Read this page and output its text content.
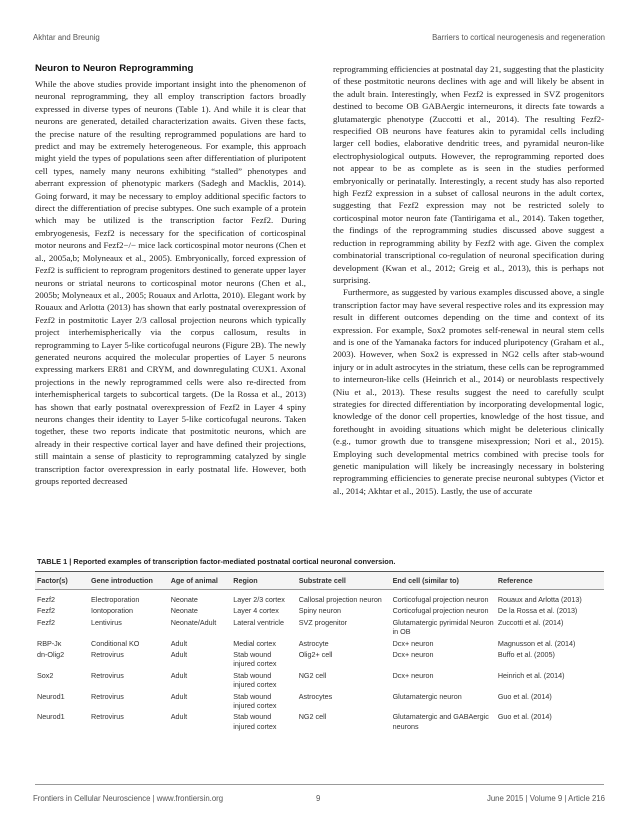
Akhtar and Breunig	Barriers to cortical neurogenesis and regeneration
Neuron to Neuron Reprogramming

While the above studies provide important insight into the phenomenon of neuronal reprogramming, they all employ transcription factors broadly expressed in diverse types of neurons (Table 1). And while it is clear that neurons are generated, detailed characterization awaits. Given these facts, the precise nature of the resulting reprogrammed populations are hard to predict and may be extremely heterogeneous. For example, this approach might yield the types of populations seen after differentiation of pluripotent cell types, namely many neurons exhibiting “stalled” phenotypes and aberrant expression of phenotypic markers (Sadegh and Macklis, 2014). Going forward, it may be necessary to employ additional specific factors to direct the differentiation of precise subtypes. One such example of a protein which may be utilized is the transcription factor Fezf2. During embryogenesis, Fezf2 is necessary for the specification of corticospinal motor neurons and Fezf2−/− mice lack corticospinal motor neurons (Chen et al., 2005a,b; Molyneaux et al., 2005). Embryonically, forced expression of Fezf2 is sufficient to reprogram progenitors destined to generate upper layer neurons or striatal neurons to corticospinal motor neurons (Chen et al., 2005b; Molyneaux et al., 2005; Rouaux and Arlotta, 2010). Elegant work by Rouaux and Arlotta (2013) has shown that early postnatal overexpression of Fezf2 in postmitotic Layer 2/3 callosal projection neurons which typically project interhemispherically via the corpus callosum, results in reprogramming to Layer 5-like corticofugal neurons (Figure 2B). The newly generated neurons acquired the molecular properties of Layer 5 neurons expressing markers ER81 and CRYM, and downregulating CUX1. Axonal projections in the newly reprogrammed cells were also re-directed from interhemispherical targets to subcortical targets. (De la Rossa et al., 2013) has shown that early postnatal overexpression of Fezf2 in Layer 4 spiny neurons changes their identity to Layer 5-like corticofugal neurons. Taken together, these two reports indicate that postmitotic neurons, which are already in their respective cortical layer and have defined their projections, still maintain a sense of plasticity to reprogramming catalyzed by single transcription factor overexpression in early postnatal life. However, both groups reported decreased

reprogramming efficiencies at postnatal day 21, suggesting that the plasticity of these postmitotic neurons declines with age and will likely be absent in the adult brain. Interestingly, when Fezf2 is expressed in SVZ progenitors destined to become OB GABAergic interneurons, it directs fate towards a glutamatergic phenotype (Zuccotti et al., 2014). The resulting Fezf2-respecified OB neurons have features akin to pyramidal cells including larger cell bodies, elaborative dendritic trees, and pyramidal neuron-like electrophysiological outputs. However, the reprogramming reported does not appear to be as complete as is seen in the studies performed embryonically or perinatally. Interestingly, a recent study has also reported high Fezf2 expression in a subset of callosal neurons in the adult cortex, suggesting that Fezf2 expression may not be restricted solely to corticospinal motor neuron fate (Tantirigama et al., 2014). Taken together, the findings of the reprogramming studies discussed above suggest a reduction in reprogramming ability by Fezf2 with age. Given the complex combinatorial transcriptional co-regulation of neuronal specification during development (Kwan et al., 2012; Greig et al., 2013), this is perhaps not surprising.

Furthermore, as suggested by various examples discussed above, a single transcription factor may have several respective roles and its expression may result in different outcomes depending on the time and context of its expression. For example, Sox2 promotes self-renewal in neural stem cells and is one of the Yamanaka factors for induced pluripotency (Graham et al., 2003). However, when Sox2 is expressed in NG2 cells after stab-wound injury or in adult astrocytes in the striatum, these cells can be reprogrammed to interneuron-like cells (Heinrich et al., 2014) or neuroblasts respectively (Niu et al., 2013). These results suggest the need to carefully sculpt strategies for directed differentiation by incorporating developmental logic, knowledge of the donor cell properties, knowledge of the host tissue, and forethought in avoiding situations which might be deleterious clinically (e.g., tumor growth due to transgene misexpression; Nori et al., 2015). Employing such developmental metrics combined with precise tools for genetic manipulation will likely be increasingly necessary in bolstering reprogramming efficiencies to generate precise neuronal subtypes (Victor et al., 2014; Akhtar et al., 2015). Lastly, the use of accurate

TABLE 1 | Reported examples of transcription factor-mediated postnatal cortical neuronal conversion.
Factor(s)	Gene introduction	Age of animal	Region	Substrate cell	End cell (similar to)	Reference
Fezf2	Electroporation	Neonate	Layer 2/3 cortex	Callosal projection neuron	Corticofugal projection neuron	Rouaux and Arlotta (2013)
Fezf2	Iontoporation	Neonate	Layer 4 cortex	Spiny neuron	Corticofugal projection neuron	De la Rossa et al. (2013)
Fezf2	Lentivirus	Neonate/Adult	Lateral ventricle	SVZ progenitor	Glutamatergic pyrimidal Neuron in OB	Zuccotti et al. (2014)
RBP-Jκ	Conditional KO	Adult	Medial cortex	Astrocyte	Dcx+ neuron	Magnusson et al. (2014)
dn-Olig2	Retrovirus	Adult	Stab wound injured cortex	Olig2+ cell	Dcx+ neuron	Buffo et al. (2005)
Sox2	Retrovirus	Adult	Stab wound injured cortex	NG2 cell	Dcx+ neuron	Heinrich et al. (2014)
Neurod1	Retrovirus	Adult	Stab wound injured cortex	Astrocytes	Glutamatergic neuron	Guo et al. (2014)
Neurod1	Retrovirus	Adult	Stab wound injured cortex	NG2 cell	Glutamatergic and GABAergic neurons	Guo et al. (2014)
Frontiers in Cellular Neuroscience | www.frontiersin.org	9	June 2015 | Volume 9 | Article 216
